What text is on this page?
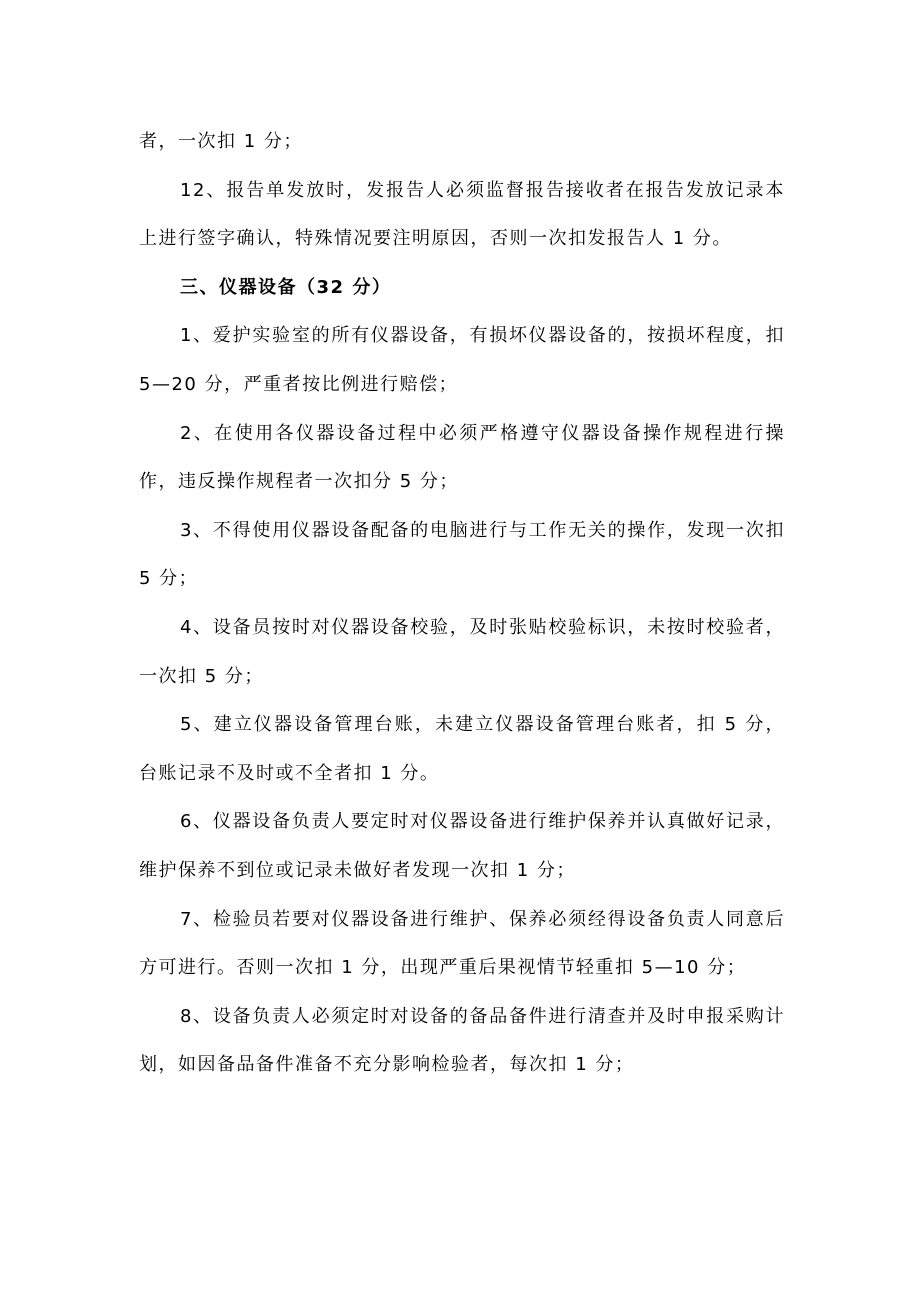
者，一次扣 1 分；

12、报告单发放时，发报告人必须监督报告接收者在报告发放记录本上进行签字确认，特殊情况要注明原因，否则一次扣发报告人 1 分。

三、仪器设备（32 分）

1、爱护实验室的所有仪器设备，有损坏仪器设备的，按损坏程度，扣 5—20 分，严重者按比例进行赔偿；

2、在使用各仪器设备过程中必须严格遵守仪器设备操作规程进行操作，违反操作规程者一次扣分 5 分；

3、不得使用仪器设备配备的电脑进行与工作无关的操作，发现一次扣 5 分；

4、设备员按时对仪器设备校验，及时张贴校验标识，未按时校验者，一次扣 5 分；

5、建立仪器设备管理台账，未建立仪器设备管理台账者，扣 5 分，台账记录不及时或不全者扣 1 分。

6、仪器设备负责人要定时对仪器设备进行维护保养并认真做好记录，维护保养不到位或记录未做好者发现一次扣 1 分；

7、检验员若要对仪器设备进行维护、保养必须经得设备负责人同意后方可进行。否则一次扣 1 分，出现严重后果视情节轻重扣 5—10 分；

8、设备负责人必须定时对设备的备品备件进行清查并及时申报采购计划，如因备品备件准备不充分影响检验者，每次扣 1 分；
